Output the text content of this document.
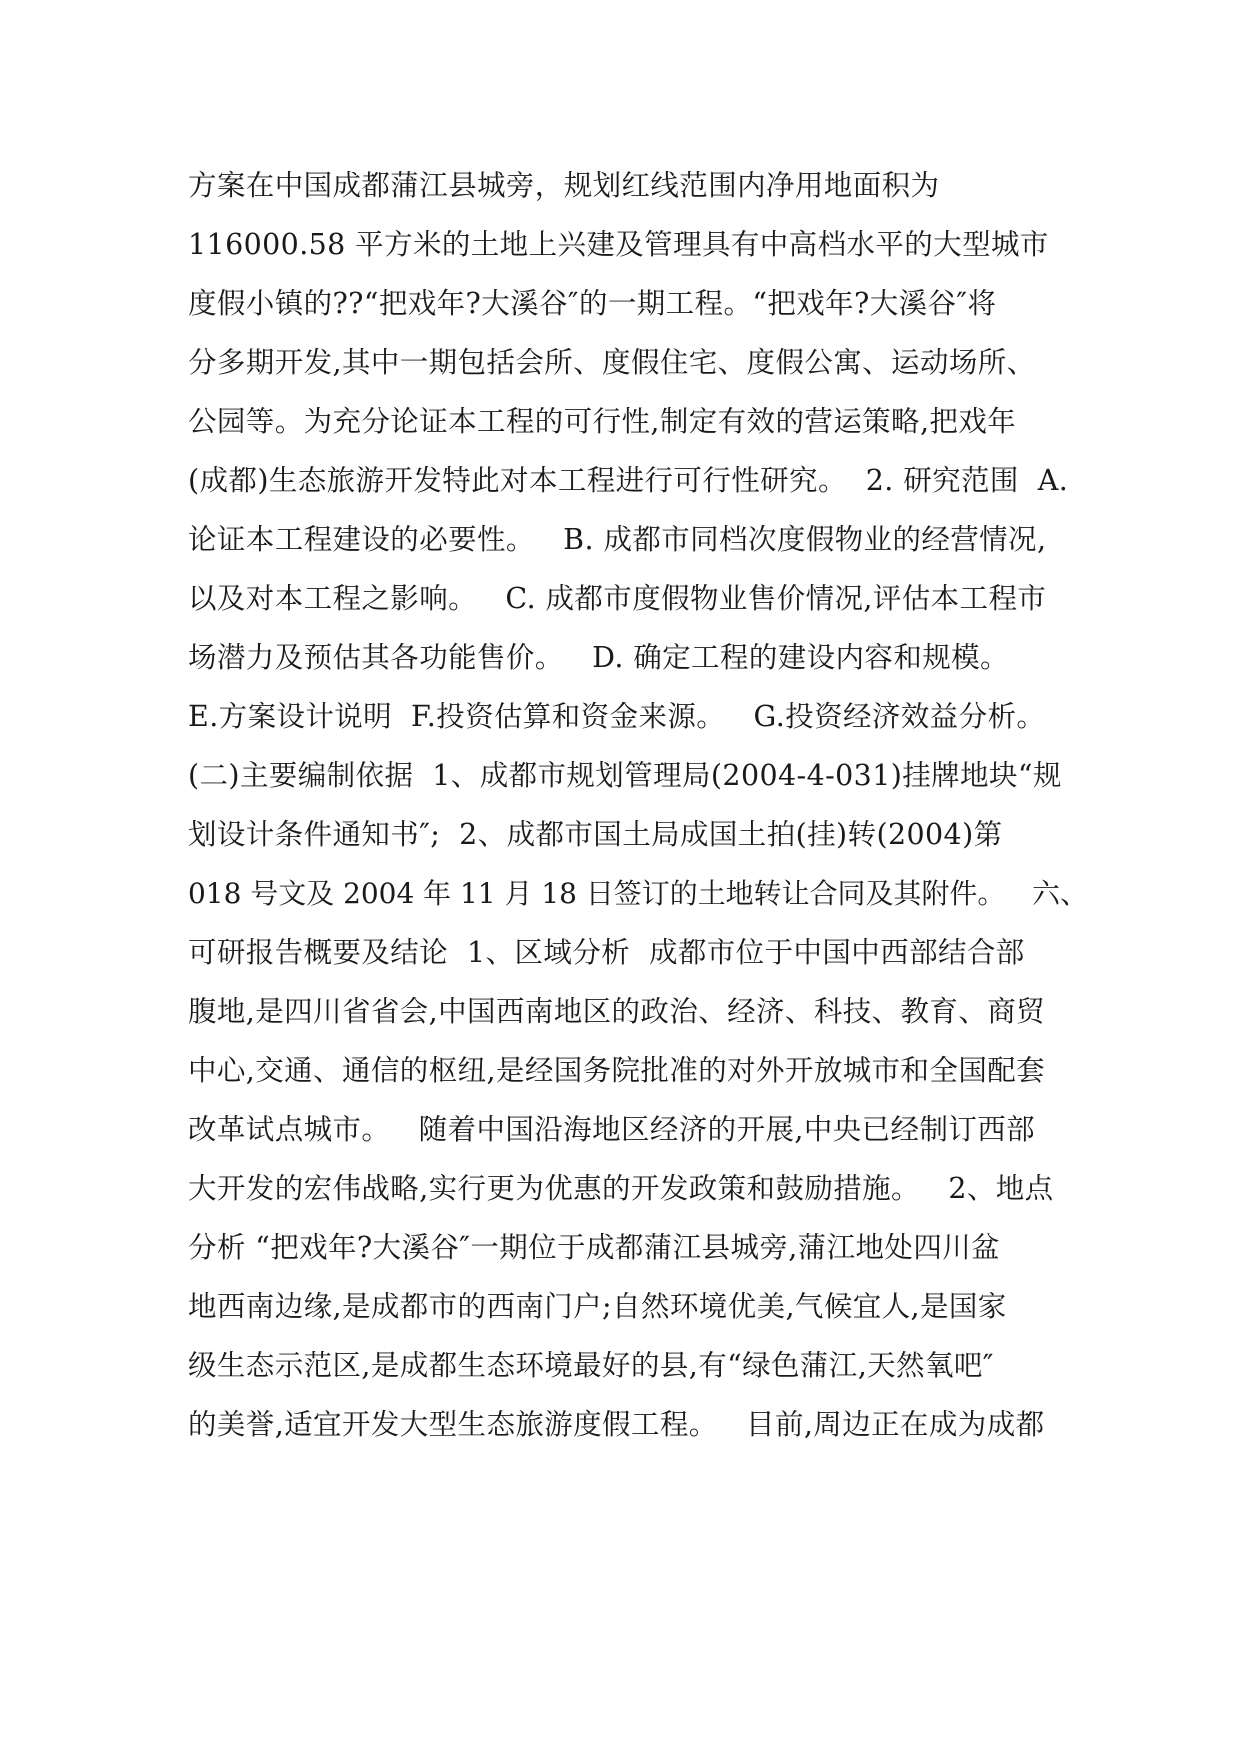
方案在中国成都蒲江县城旁，规划红线范围内净用地面积为
116000.58 平方米的土地上兴建及管理具有中高档水平的大型城市
度假小镇的??“把戏年?大溪谷″的一期工程。“把戏年?大溪谷″将
分多期开发,其中一期包括会所、度假住宅、度假公寓、运动场所、
公园等。为充分论证本工程的可行性,制定有效的营运策略,把戏年
(成都)生态旅游开发特此对本工程进行可行性研究。  2. 研究范围  A.
论证本工程建设的必要性。   B. 成都市同档次度假物业的经营情况,
以及对本工程之影响。   C. 成都市度假物业售价情况,评估本工程市
场潜力及预估其各功能售价。   D. 确定工程的建设内容和规模。
E.方案设计说明  F.投资估算和资金来源。   G.投资经济效益分析。
(二)主要编制依据  1、成都市规划管理局(2004-4-031)挂牌地块“规
划设计条件通知书″;  2、成都市国土局成国土拍(挂)转(2004)第
018 号文及 2004 年 11 月 18 日签订的土地转让合同及其附件。   六、
可研报告概要及结论  1、区域分析  成都市位于中国中西部结合部
腹地,是四川省省会,中国西南地区的政治、经济、科技、教育、商贸
中心,交通、通信的枢纽,是经国务院批准的对外开放城市和全国配套
改革试点城市。   随着中国沿海地区经济的开展,中央已经制订西部
大开发的宏伟战略,实行更为优惠的开发政策和鼓励措施。   2、地点
分析 “把戏年?大溪谷″一期位于成都蒲江县城旁,蒲江地处四川盆
地西南边缘,是成都市的西南门户;自然环境优美,气候宜人,是国家
级生态示范区,是成都生态环境最好的县,有“绿色蒲江,天然氧吧″
的美誉,适宜开发大型生态旅游度假工程。   目前,周边正在成为成都
